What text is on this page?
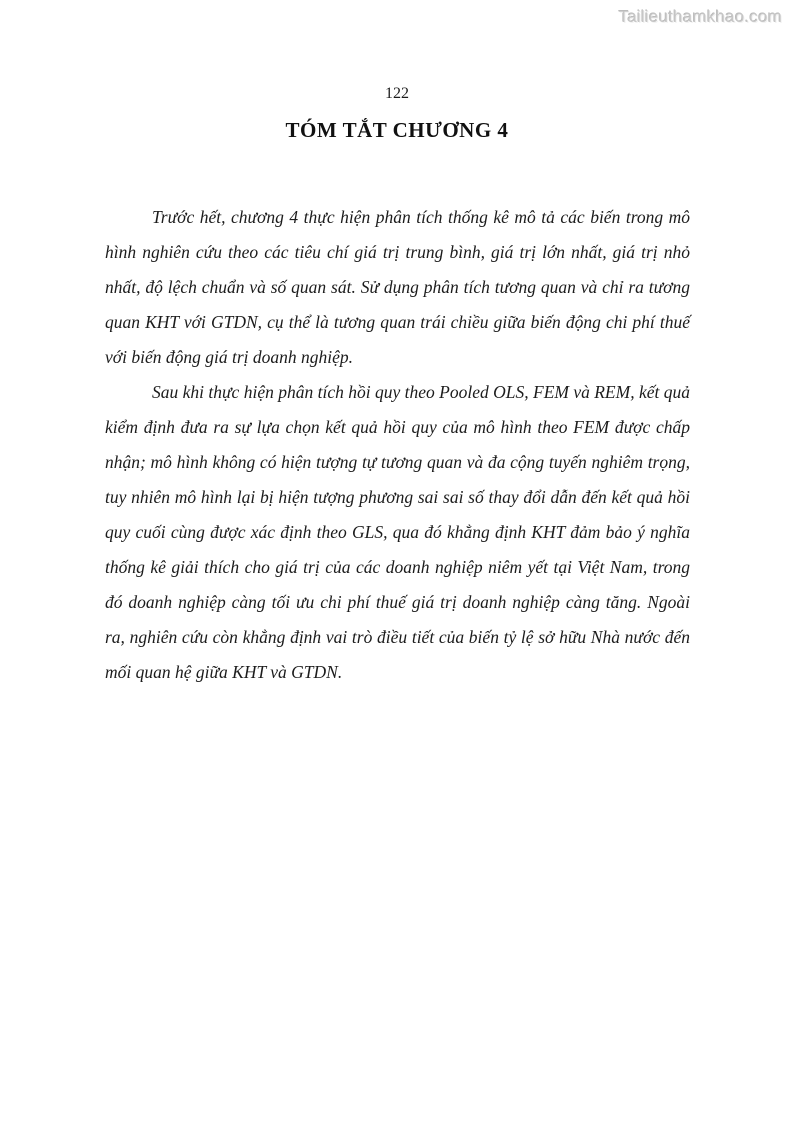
Tailieuthamkhao.com
122
TÓM TẮT CHƯƠNG 4

Trước hết, chương 4 thực hiện phân tích thống kê mô tả các biến trong mô hình nghiên cứu theo các tiêu chí giá trị trung bình, giá trị lớn nhất, giá trị nhỏ nhất, độ lệch chuẩn và số quan sát. Sử dụng phân tích tương quan và chỉ ra tương quan KHT với GTDN, cụ thể là tương quan trái chiều giữa biến động chi phí thuế với biến động giá trị doanh nghiệp.

Sau khi thực hiện phân tích hồi quy theo Pooled OLS, FEM và REM, kết quả kiểm định đưa ra sự lựa chọn kết quả hồi quy của mô hình theo FEM được chấp nhận; mô hình không có hiện tượng tự tương quan và đa cộng tuyến nghiêm trọng, tuy nhiên mô hình lại bị hiện tượng phương sai sai số thay đổi dẫn đến kết quả hồi quy cuối cùng được xác định theo GLS, qua đó khẳng định KHT đảm bảo ý nghĩa thống kê giải thích cho giá trị của các doanh nghiệp niêm yết tại Việt Nam, trong đó doanh nghiệp càng tối ưu chi phí thuế giá trị doanh nghiệp càng tăng. Ngoài ra, nghiên cứu còn khẳng định vai trò điều tiết của biến tỷ lệ sở hữu Nhà nước đến mối quan hệ giữa KHT và GTDN.
